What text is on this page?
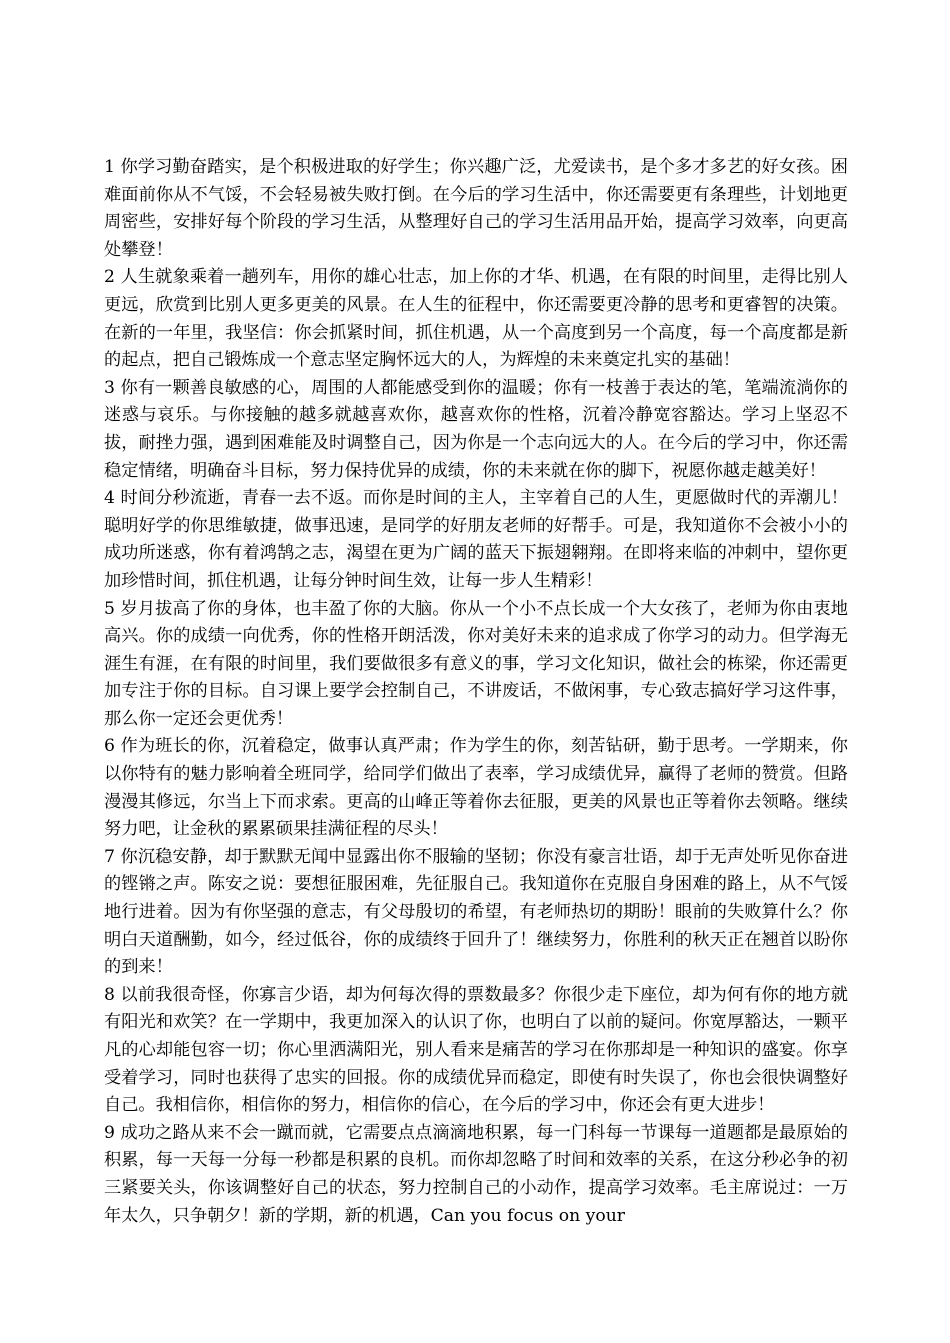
1 你学习勤奋踏实，是个积极进取的好学生；你兴趣广泛，尤爱读书，是个多才多艺的好女孩。困难面前你从不气馁，不会轻易被失败打倒。在今后的学习生活中，你还需要更有条理些，计划地更周密些，安排好每个阶段的学习生活，从整理好自己的学习生活用品开始，提高学习效率，向更高处攀登！

2 人生就象乘着一趟列车，用你的雄心壮志，加上你的才华、机遇，在有限的时间里，走得比别人更远，欣赏到比别人更多更美的风景。在人生的征程中，你还需要更冷静的思考和更睿智的决策。在新的一年里，我坚信：你会抓紧时间，抓住机遇，从一个高度到另一个高度，每一个高度都是新的起点，把自己锻炼成一个意志坚定胸怀远大的人，为辉煌的未来奠定扎实的基础！

3 你有一颗善良敏感的心，周围的人都能感受到你的温暖；你有一枝善于表达的笔，笔端流淌你的迷惑与哀乐。与你接触的越多就越喜欢你，越喜欢你的性格，沉着冷静宽容豁达。学习上坚忍不拔，耐挫力强，遇到困难能及时调整自己，因为你是一个志向远大的人。在今后的学习中，你还需稳定情绪，明确奋斗目标，努力保持优异的成绩，你的未来就在你的脚下，祝愿你越走越美好！

4 时间分秒流逝，青春一去不返。而你是时间的主人，主宰着自己的人生，更愿做时代的弄潮儿！聪明好学的你思维敏捷，做事迅速，是同学的好朋友老师的好帮手。可是，我知道你不会被小小的成功所迷惑，你有着鸿鹄之志，渴望在更为广阔的蓝天下振翅翱翔。在即将来临的冲刺中，望你更加珍惜时间，抓住机遇，让每分钟时间生效，让每一步人生精彩！

5 岁月拔高了你的身体，也丰盈了你的大脑。你从一个小不点长成一个大女孩了，老师为你由衷地高兴。你的成绩一向优秀，你的性格开朗活泼，你对美好未来的追求成了你学习的动力。但学海无涯生有涯，在有限的时间里，我们要做很多有意义的事，学习文化知识，做社会的栋梁，你还需更加专注于你的目标。自习课上要学会控制自己，不讲废话，不做闲事，专心致志搞好学习这件事，那么你一定还会更优秀！

6 作为班长的你，沉着稳定，做事认真严肃；作为学生的你，刻苦钻研，勤于思考。一学期来，你以你特有的魅力影响着全班同学，给同学们做出了表率，学习成绩优异，赢得了老师的赞赏。但路漫漫其修远，尔当上下而求索。更高的山峰正等着你去征服，更美的风景也正等着你去领略。继续努力吧，让金秋的累累硕果挂满征程的尽头！

7 你沉稳安静，却于默默无闻中显露出你不服输的坚韧；你没有豪言壮语，却于无声处听见你奋进的铿锵之声。陈安之说：要想征服困难，先征服自己。我知道你在克服自身困难的路上，从不气馁地行进着。因为有你坚强的意志，有父母殷切的希望，有老师热切的期盼！眼前的失败算什么？你明白天道酬勤，如今，经过低谷，你的成绩终于回升了！继续努力，你胜利的秋天正在翘首以盼你的到来！

8 以前我很奇怪，你寡言少语，却为何每次得的票数最多？你很少走下座位，却为何有你的地方就有阳光和欢笑？在一学期中，我更加深入的认识了你，也明白了以前的疑问。你宽厚豁达，一颗平凡的心却能包容一切；你心里洒满阳光，别人看来是痛苦的学习在你那却是一种知识的盛宴。你享受着学习，同时也获得了忠实的回报。你的成绩优异而稳定，即使有时失误了，你也会很快调整好自己。我相信你，相信你的努力，相信你的信心，在今后的学习中，你还会有更大进步！

9 成功之路从来不会一蹴而就，它需要点点滴滴地积累，每一门科每一节课每一道题都是最原始的积累，每一天每一分每一秒都是积累的良机。而你却忽略了时间和效率的关系，在这分秒必争的初三紧要关头，你该调整好自己的状态，努力控制自己的小动作，提高学习效率。毛主席说过：一万年太久，只争朝夕！新的学期，新的机遇，Can you focus on your
